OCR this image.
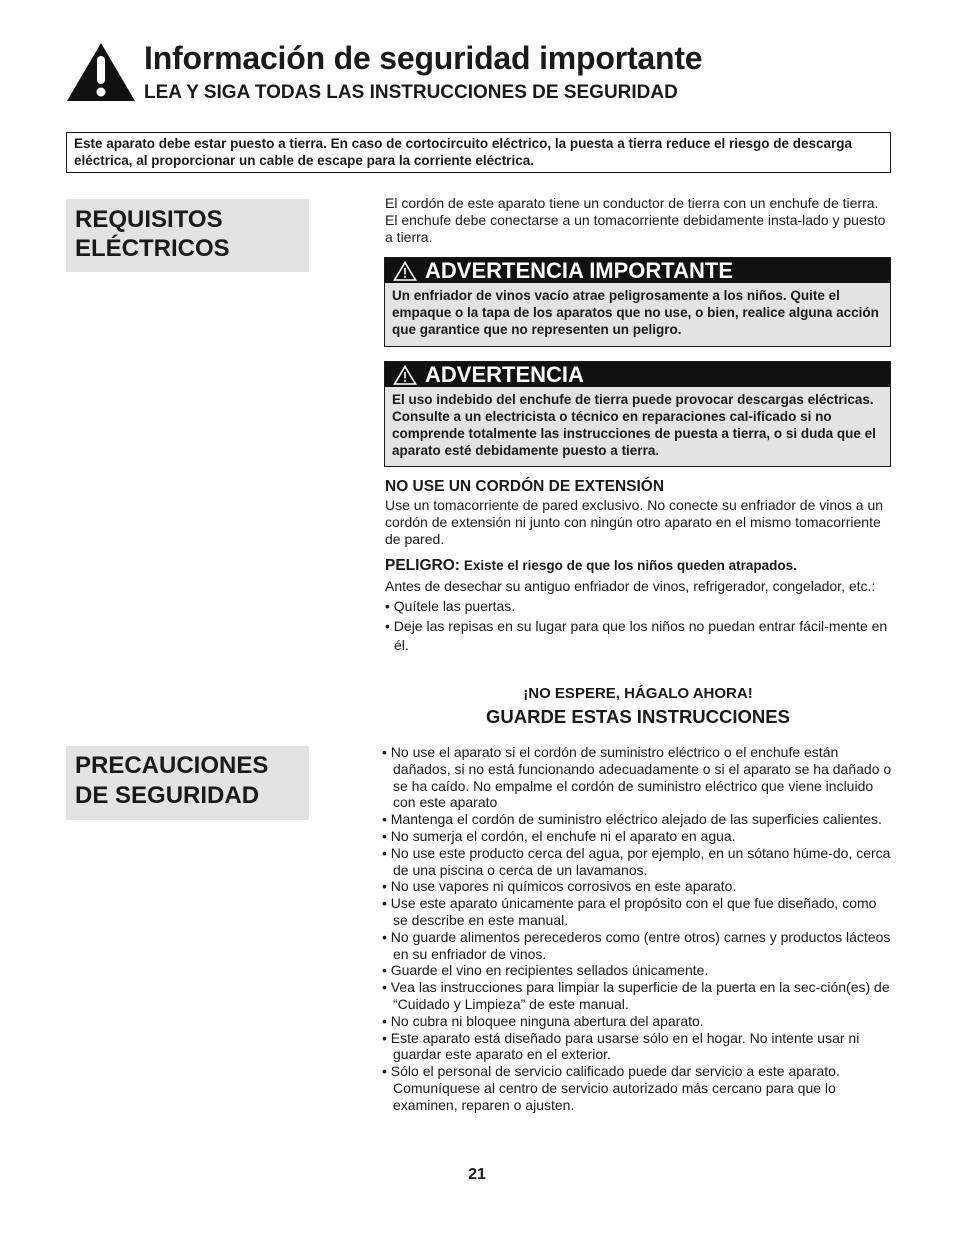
Información de seguridad importante
LEA Y SIGA TODAS LAS INSTRUCCIONES DE SEGURIDAD
Este aparato debe estar puesto a tierra. En caso de cortocircuito eléctrico, la puesta a tierra reduce el riesgo de descarga eléctrica, al proporcionar un cable de escape para la corriente eléctrica.
REQUISITOS
ELÉCTRICOS
El cordón de este aparato tiene un conductor de tierra con un enchufe de tierra. El enchufe debe conectarse a un tomacorriente debidamente insta-lado y puesto a tierra.
ADVERTENCIA IMPORTANTE
Un enfriador de vinos vacío atrae peligrosamente a los niños. Quite el empaque o la tapa de los aparatos que no use, o bien, realice alguna acción que garantice que no representen un peligro.
ADVERTENCIA
El uso indebido del enchufe de tierra puede provocar descargas eléctricas. Consulte a un electricista o técnico en reparaciones cal-ificado si no comprende totalmente las instrucciones de puesta a tierra, o si duda que el aparato esté debidamente puesto a tierra.
NO USE UN CORDÓN DE EXTENSIÓN
Use un tomacorriente de pared exclusivo. No conecte su enfriador de vinos a un cordón de extensión ni junto con ningún otro aparato en el mismo tomacorriente de pared.
PELIGRO: Existe el riesgo de que los niños queden atrapados.
Antes de desechar su antiguo enfriador de vinos, refrigerador, congelador, etc.:
• Quítele las puertas.
• Deje las repisas en su lugar para que los niños no puedan entrar fácil-mente en él.
¡NO ESPERE, HÁGALO AHORA!
GUARDE ESTAS INSTRUCCIONES
PRECAUCIONES
DE SEGURIDAD
• No use el aparato si el cordón de suministro eléctrico o el enchufe están dañados, si no está funcionando adecuadamente o si el aparato se ha dañado o se ha caído. No empalme el cordón de suministro eléctrico que viene incluido con este aparato
• Mantenga el cordón de suministro eléctrico alejado de las superficies calientes.
• No sumerja el cordón, el enchufe ni el aparato en agua.
• No use este producto cerca del agua, por ejemplo, en un sótano húme-do, cerca de una piscina o cerca de un lavamanos.
• No use vapores ni químicos corrosivos en este aparato.
• Use este aparato únicamente para el propósito con el que fue diseñado, como se describe en este manual.
• No guarde alimentos perecederos como (entre otros) carnes y productos lácteos en su enfriador de vinos.
• Guarde el vino en recipientes sellados únicamente.
• Vea las instrucciones para limpiar la superficie de la puerta en la sec-ción(es) de “Cuidado y Limpieza” de este manual.
• No cubra ni bloquee ninguna abertura del aparato.
• Este aparato está diseñado para usarse sólo en el hogar. No intente usar ni guardar este aparato en el exterior.
• Sólo el personal de servicio calificado puede dar servicio a este aparato. Comuníquese al centro de servicio autorizado más cercano para que lo examinen, reparen o ajusten.
21
